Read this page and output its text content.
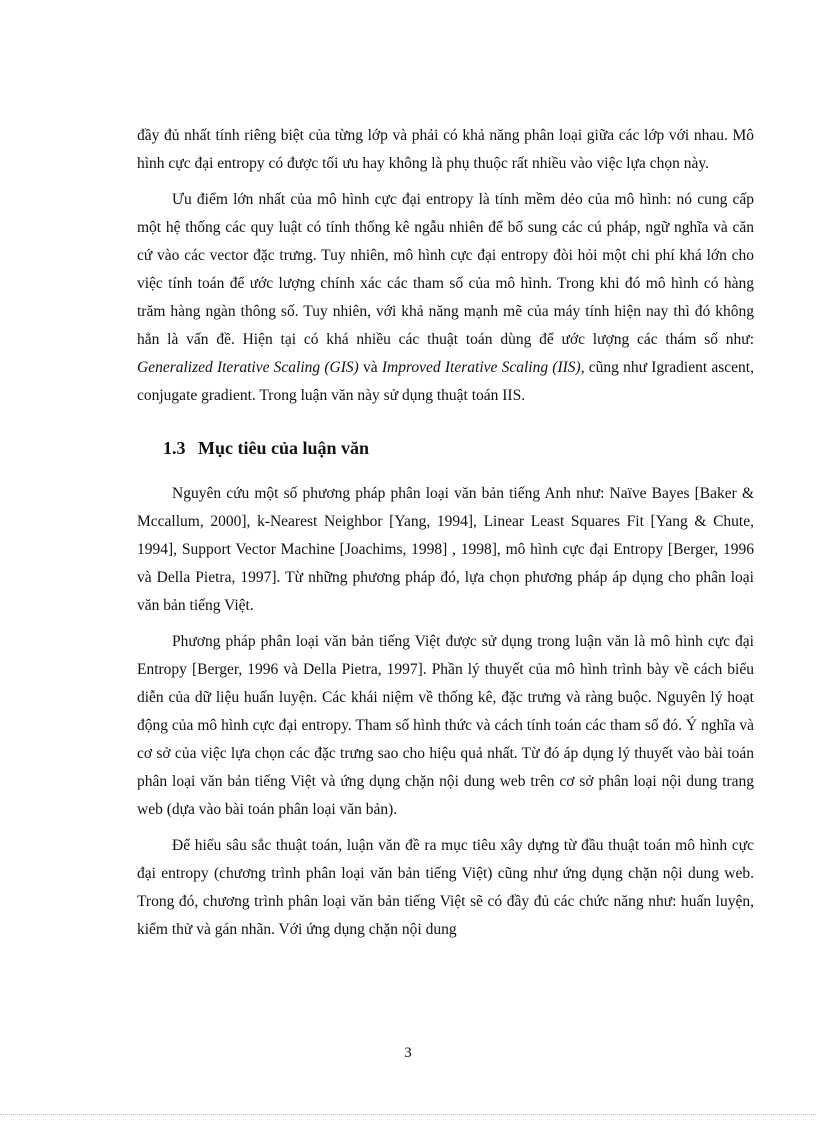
đầy đủ nhất tính riêng biệt của từng lớp và phải có khả năng phân loại giữa các lớp với nhau. Mô hình cực đại entropy có được tối ưu hay không là phụ thuộc rất nhiều vào việc lựa chọn này.

Ưu điểm lớn nhất của mô hình cực đại entropy là tính mềm dẻo của mô hình: nó cung cấp một hệ thống các quy luật có tính thống kê ngẫu nhiên để bổ sung các cú pháp, ngữ nghĩa và căn cứ vào các vector đặc trưng. Tuy nhiên, mô hình cực đại entropy đòi hỏi một chi phí khá lớn cho việc tính toán để ước lượng chính xác các tham số của mô hình. Trong khi đó mô hình có hàng trăm hàng ngàn thông số. Tuy nhiên, với khả năng mạnh mẽ của máy tính hiện nay thì đó không hẳn là vấn đề. Hiện tại có khá nhiều các thuật toán dùng để ước lượng các thám số như: Generalized Iterative Scaling (GIS) và Improved Iterative Scaling (IIS), cũng như Igradient ascent, conjugate gradient. Trong luận văn này sử dụng thuật toán IIS.

1.3 Mục tiêu của luận văn

Nguyên cứu một số phương pháp phân loại văn bản tiếng Anh như: Naïve Bayes [Baker & Mccallum, 2000], k-Nearest Neighbor [Yang, 1994], Linear Least Squares Fit [Yang & Chute, 1994], Support Vector Machine [Joachims, 1998] , 1998], mô hình cực đại Entropy [Berger, 1996 và Della Pietra, 1997]. Từ những phương pháp đó, lựa chọn phương pháp áp dụng cho phân loại văn bản tiếng Việt.

Phương pháp phân loại văn bản tiếng Việt được sử dụng trong luận văn là mô hình cực đại Entropy [Berger, 1996 và Della Pietra, 1997]. Phần lý thuyết của mô hình trình bày về cách biểu diễn của dữ liệu huấn luyện. Các khái niệm về thống kê, đặc trưng và ràng buộc. Nguyên lý hoạt động của mô hình cực đại entropy. Tham số hình thức và cách tính toán các tham số đó. Ý nghĩa và cơ sở của việc lựa chọn các đặc trưng sao cho hiệu quả nhất. Từ đó áp dụng lý thuyết vào bài toán phân loại văn bản tiếng Việt và ứng dụng chặn nội dung web trên cơ sở phân loại nội dung trang web (dựa vào bài toán phân loại văn bản).

Để hiểu sâu sắc thuật toán, luận văn đề ra mục tiêu xây dựng từ đầu thuật toán mô hình cực đại entropy (chương trình phân loại văn bản tiếng Việt) cũng như ứng dụng chặn nội dung web. Trong đó, chương trình phân loại văn bản tiếng Việt sẽ có đầy đủ các chức năng như: huấn luyện, kiểm thử và gán nhãn. Với ứng dụng chặn nội dung

3
